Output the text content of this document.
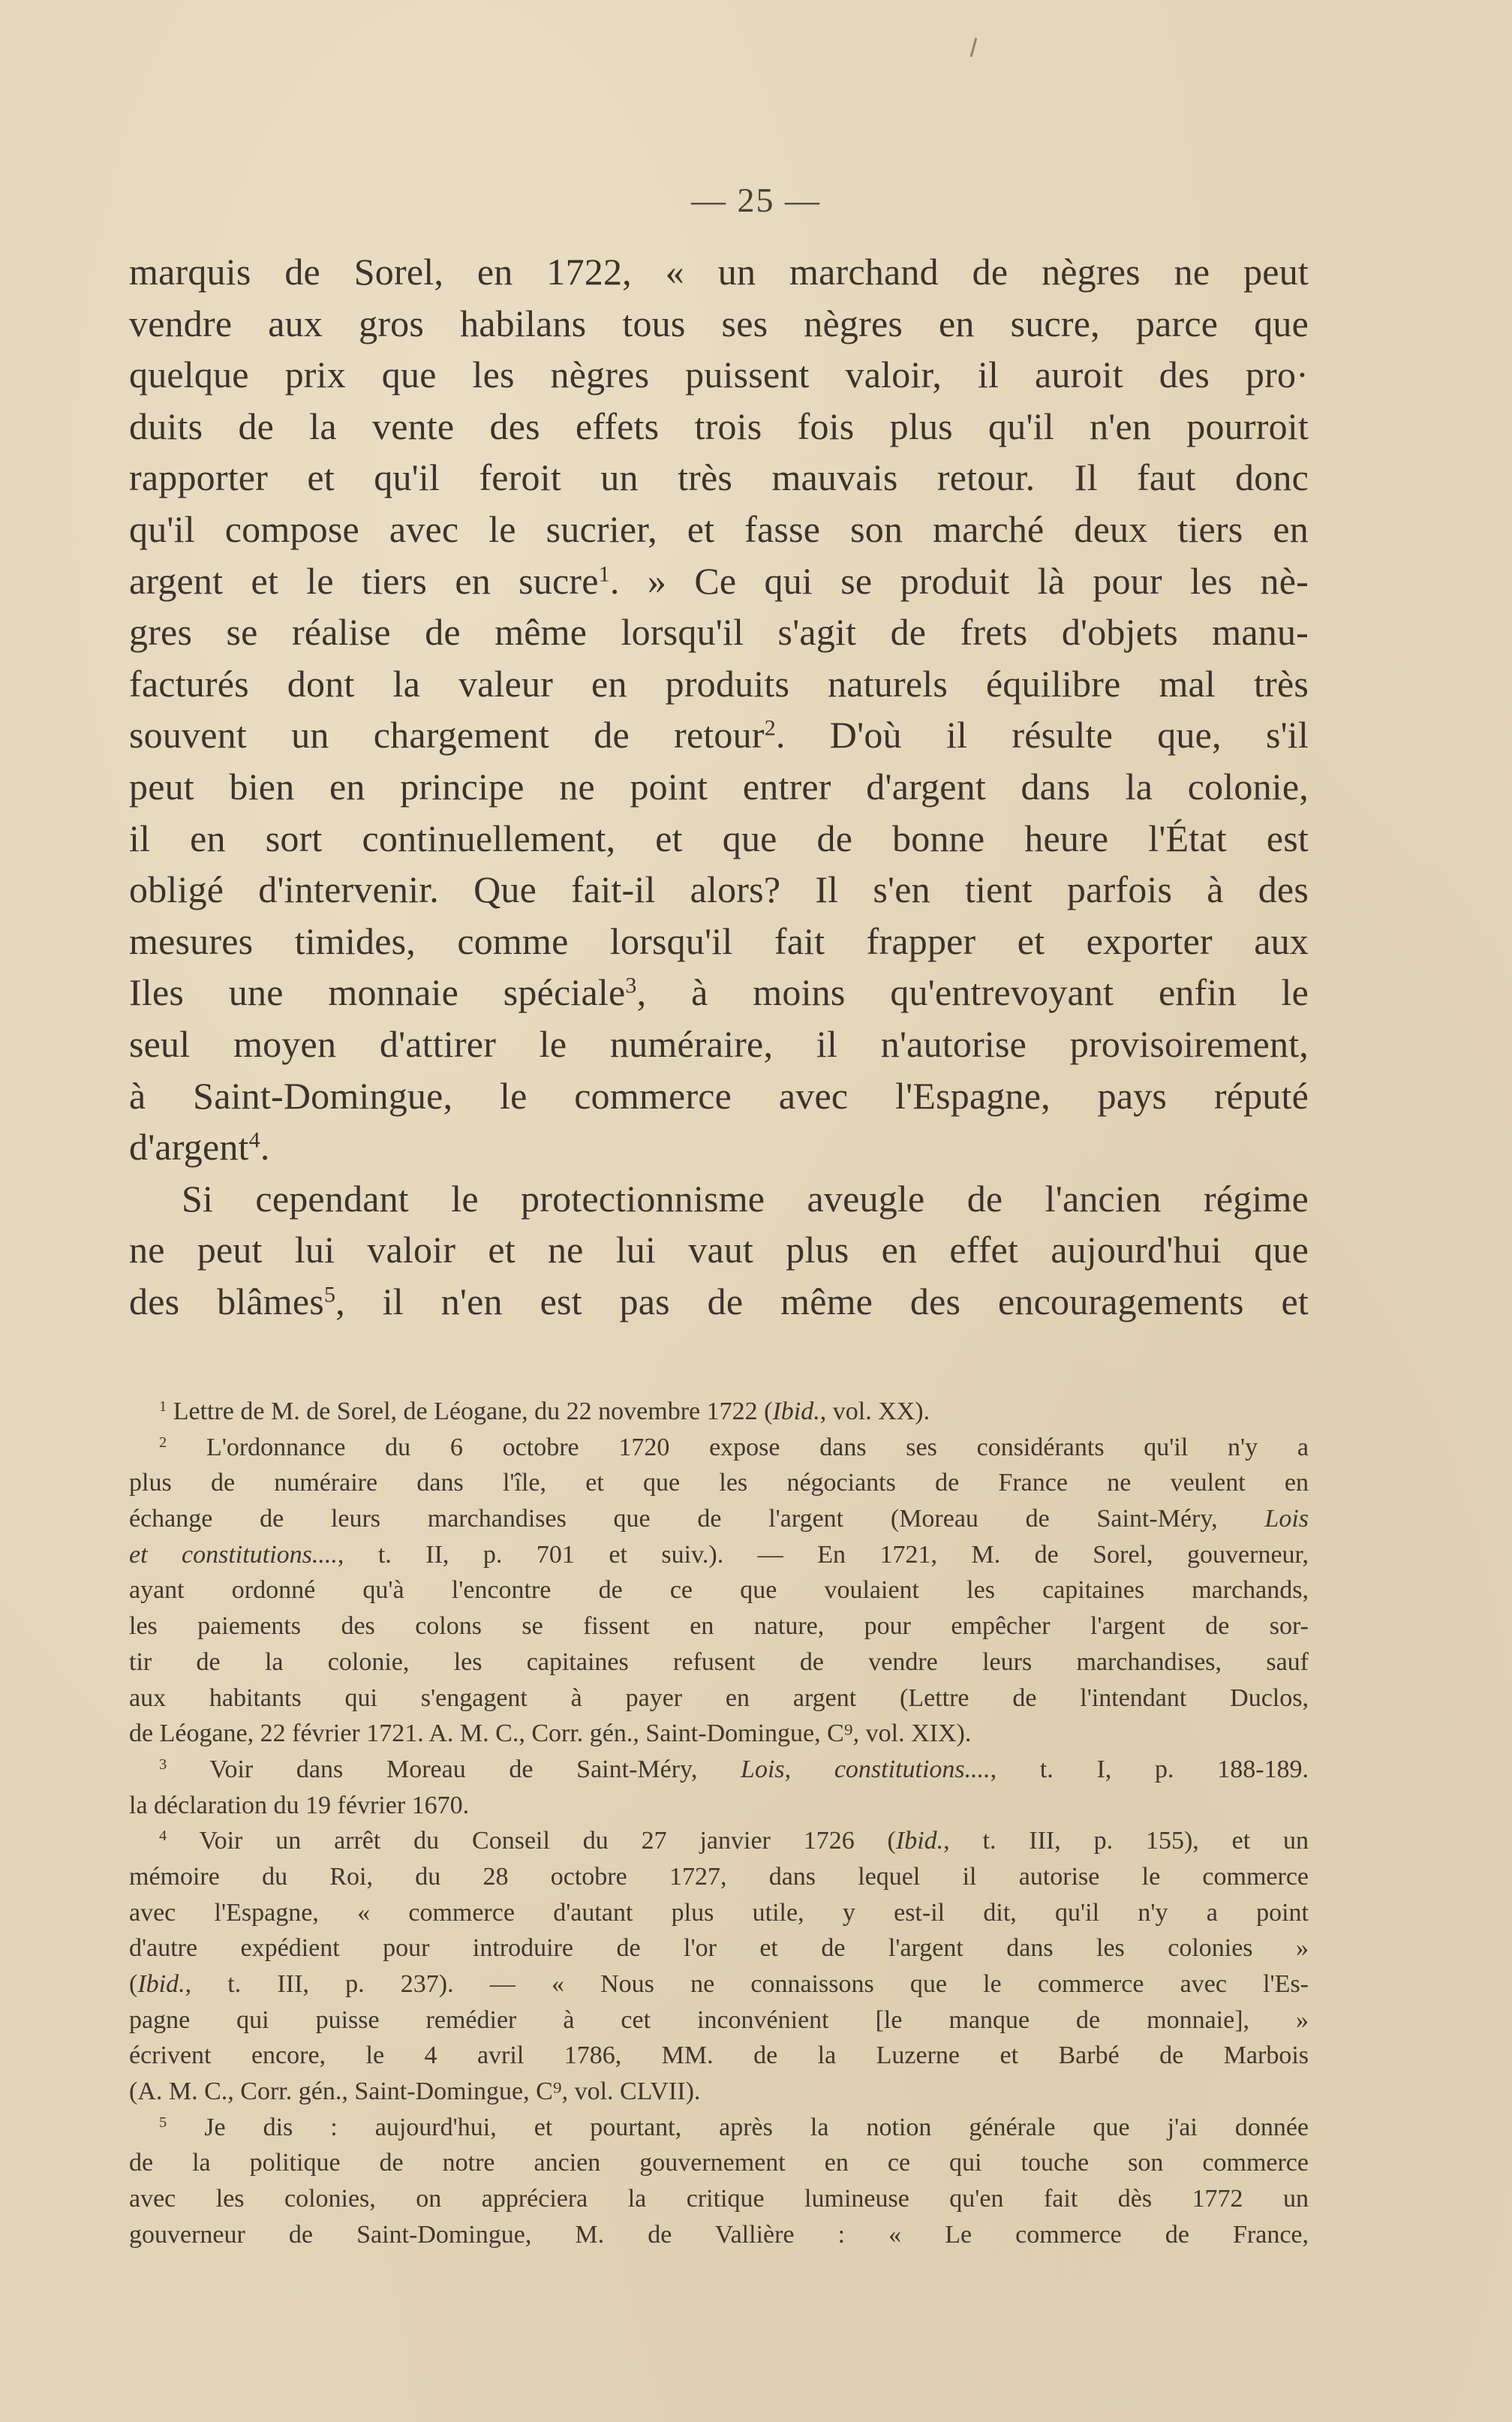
— 25 —
marquis de Sorel, en 1722, « un marchand de nègres ne peut
vendre aux gros habilans tous ses nègres en sucre, parce que
quelque prix que les nègres puissent valoir, il auroit des pro·
duits de la vente des effets trois fois plus qu'il n'en pourroit
rapporter et qu'il feroit un très mauvais retour. Il faut donc
qu'il compose avec le sucrier, et fasse son marché deux tiers en
argent et le tiers en sucre$^1$. » Ce qui se produit là pour les nè-
gres se réalise de même lorsqu'il s'agit de frets d'objets manu-
facturés dont la valeur en produits naturels équilibre mal très
souvent un chargement de retour$^2$. D'où il résulte que, s'il
peut bien en principe ne point entrer d'argent dans la colonie,
il en sort continuellement, et que de bonne heure l'État est
obligé d'intervenir. Que fait-il alors? Il s'en tient parfois à des
mesures timides, comme lorsqu'il fait frapper et exporter aux
Iles une monnaie spéciale$^3$, à moins qu'entrevoyant enfin le
seul moyen d'attirer le numéraire, il n'autorise provisoirement,
à Saint-Domingue, le commerce avec l'Espagne, pays réputé
d'argent$^4$.
Si cependant le protectionnisme aveugle de l'ancien régime
ne peut lui valoir et ne lui vaut plus en effet aujourd'hui que
des blâmes$^5$, il n'en est pas de même des encouragements et
$^1$ Lettre de M. de Sorel, de Léogane, du 22 novembre 1722 (Ibid., vol. XX).
$^2$ L'ordonnance du 6 octobre 1720 expose dans ses considérants qu'il n'y a
plus de numéraire dans l'île, et que les négociants de France ne veulent en
échange de leurs marchandises que de l'argent (Moreau de Saint-Méry, Lois
et constitutions...., t. II, p. 701 et suiv.). — En 1721, M. de Sorel, gouverneur,
ayant ordonné qu'à l'encontre de ce que voulaient les capitaines marchands,
les paiements des colons se fissent en nature, pour empêcher l'argent de sor-
tir de la colonie, les capitaines refusent de vendre leurs marchandises, sauf
aux habitants qui s'engagent à payer en argent (Lettre de l'intendant Duclos,
de Léogane, 22 février 1721. A. M. C., Corr. gén., Saint-Domingue, C⁹, vol. XIX).
$^3$ Voir dans Moreau de Saint-Méry, Lois, constitutions...., t. I, p. 188-189.
la déclaration du 19 février 1670.
$^4$ Voir un arrêt du Conseil du 27 janvier 1726 (Ibid., t. III, p. 155), et un
mémoire du Roi, du 28 octobre 1727, dans lequel il autorise le commerce
avec l'Espagne, « commerce d'autant plus utile, y est-il dit, qu'il n'y a point
d'autre expédient pour introduire de l'or et de l'argent dans les colonies »
(Ibid., t. III, p. 237). — « Nous ne connaissons que le commerce avec l'Es-
pagne qui puisse remédier à cet inconvénient [le manque de monnaie], »
écrivent encore, le 4 avril 1786, MM. de la Luzerne et Barbé de Marbois
(A. M. C., Corr. gén., Saint-Domingue, C⁹, vol. CLVII).
$^5$ Je dis : aujourd'hui, et pourtant, après la notion générale que j'ai donnée
de la politique de notre ancien gouvernement en ce qui touche son commerce
avec les colonies, on appréciera la critique lumineuse qu'en fait dès 1772 un
gouverneur de Saint-Domingue, M. de Vallière : « Le commerce de France,
